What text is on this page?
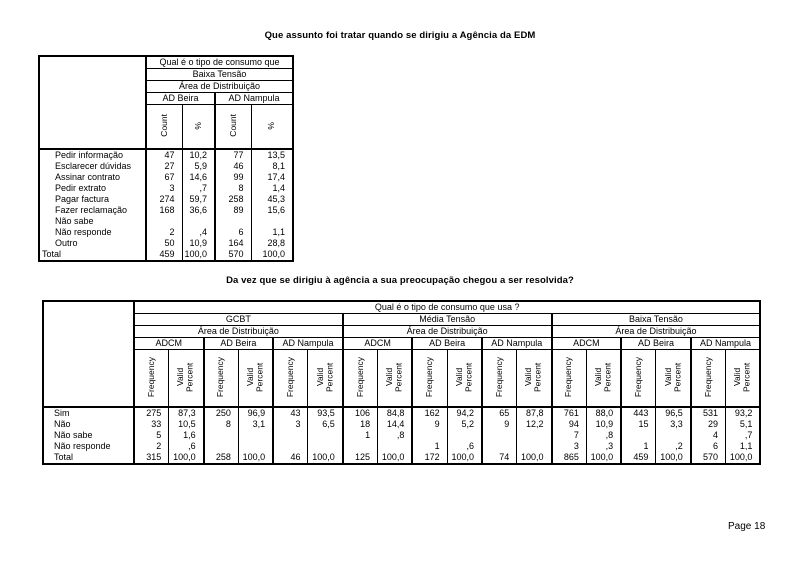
Que assunto foi tratar quando se dirigiu a Agência da EDM
	Qual é o tipo de consumo que			
	Baixa Tensão			
	Área de Distribuição			
	AD Beira		AD Nampula	
	Count	%	Count	%
Pedir informação	47	10,2	77	13,5
Esclarecer dúvidas	27	5,9	46	8,1
Assinar contrato	67	14,6	99	17,4
Pedir extrato	3	,7	8	1,4
Pagar factura	274	59,7	258	45,3
Fazer reclamação	168	36,6	89	15,6
Não sabe				
Não responde	2	,4	6	1,1
Outro	50	10,9	164	28,8
Total	459	100,0	570	100,0
Da vez que se dirigiu à agência a sua preocupação chegou a ser resolvida?
	Qual é o tipo de consumo que usa ?																	
	GCBT						Média Tensão						Baixa Tensão					
	Área de Distribuição						Área de Distribuição						Área de Distribuição					
	ADCM		AD Beira		AD Nampula		ADCM		AD Beira		AD Nampula		ADCM		AD Beira		AD Nampula	
	Frequency	Valid Percent	Frequency	Valid Percent	Frequency	Valid Percent	Frequency	Valid Percent	Frequency	Valid Percent	Frequency	Valid Percent	Frequency	Valid Percent	Frequency	Valid Percent	Frequency	Valid Percent
Sim	275	87,3	250	96,9	43	93,5	106	84,8	162	94,2	65	87,8	761	88,0	443	96,5	531	93,2
Não	33	10,5	8	3,1	3	6,5	18	14,4	9	5,2	9	12,2	94	10,9	15	3,3	29	5,1
Não sabe	5	1,6					1	,8					7	,8			4	,7
Não responde	2	,6							1	,6			3	,3	1	,2	6	1,1
Total	315	100,0	258	100,0	46	100,0	125	100,0	172	100,0	74	100,0	865	100,0	459	100,0	570	100,0
Page 18
